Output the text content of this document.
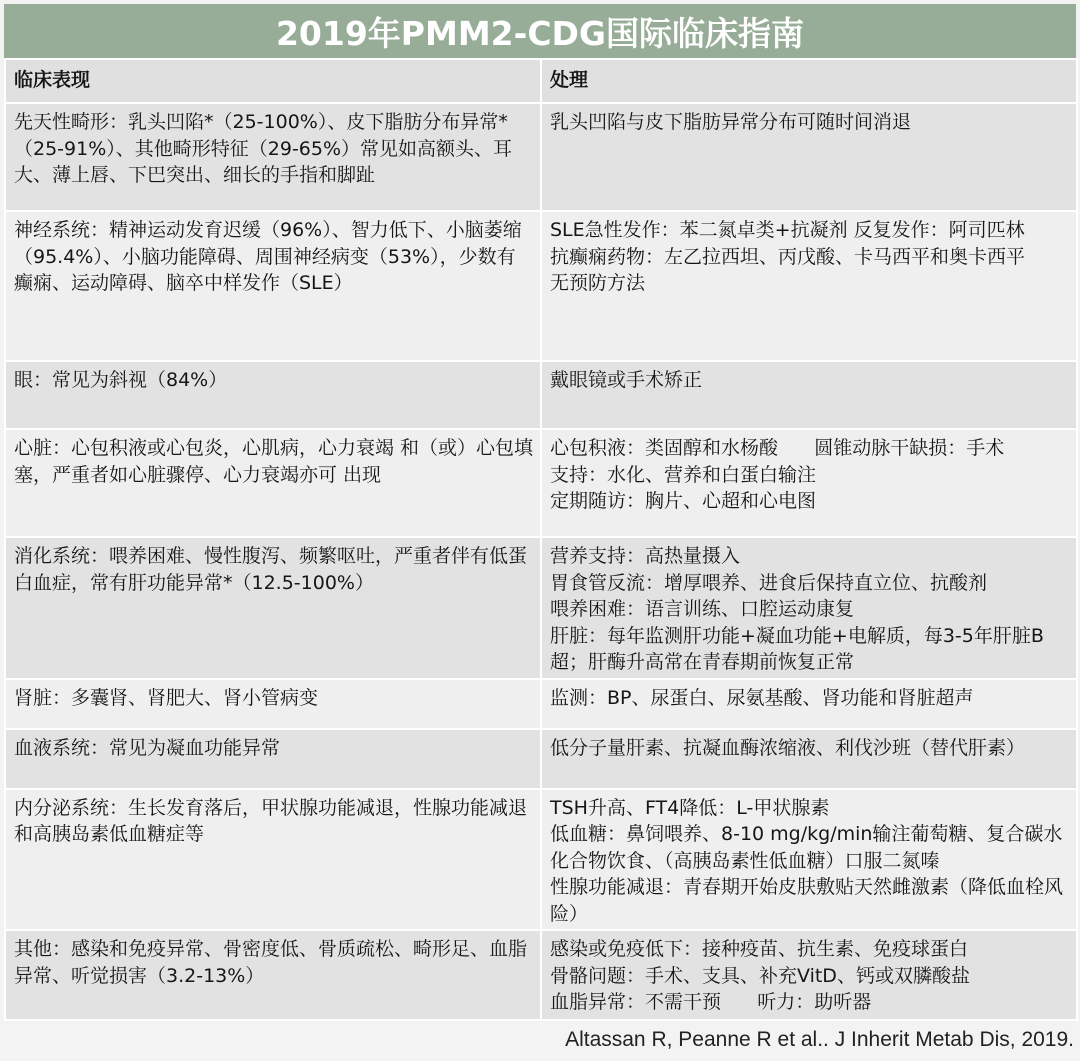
2019年PMM2-CDG国际临床指南
临床表现	处理

先天性畸形：乳头凹陷*（25-100%）、皮下脂肪分布异常*（25-91%）、其他畸形特征（29-65%）常见如高额头、耳大、薄上唇、下巴突出、细长的手指和脚趾	乳头凹陷与皮下脂肪异常分布可随时间消退

神经系统：精神运动发育迟缓（96%）、智力低下、小脑萎缩（95.4%）、小脑功能障碍、周围神经病变（53%），少数有癫痫、运动障碍、脑卒中样发作（SLE）	SLE急性发作：苯二氮卓类+抗凝剂 反复发作：阿司匹林
抗癫痫药物：左乙拉西坦、丙戊酸、卡马西平和奥卡西平
无预防方法

眼：常见为斜视（84%）	戴眼镜或手术矫正

心脏：心包积液或心包炎，心肌病，心力衰竭 和（或）心包填塞，严重者如心脏骤停、心力衰竭亦可 出现	心包积液：类固醇和水杨酸      圆锥动脉干缺损：手术
支持：水化、营养和白蛋白输注
定期随访：胸片、心超和心电图

消化系统：喂养困难、慢性腹泻、频繁呕吐，严重者伴有低蛋白血症，常有肝功能异常*（12.5-100%）	营养支持：高热量摄入
胃食管反流：增厚喂养、进食后保持直立位、抗酸剂
喂养困难：语言训练、口腔运动康复
肝脏：每年监测肝功能+凝血功能+电解质，每3-5年肝脏B超；肝酶升高常在青春期前恢复正常

肾脏：多囊肾、肾肥大、肾小管病变	监测：BP、尿蛋白、尿氨基酸、肾功能和肾脏超声

血液系统：常见为凝血功能异常	低分子量肝素、抗凝血酶浓缩液、利伐沙班（替代肝素）

内分泌系统：生长发育落后，甲状腺功能减退，性腺功能减退和高胰岛素低血糖症等	TSH升高、FT4降低：L-甲状腺素
低血糖：鼻饲喂养、8-10 mg/kg/min输注葡萄糖、复合碳水化合物饮食、（高胰岛素性低血糖）口服二氮嗪
性腺功能减退：青春期开始皮肤敷贴天然雌激素（降低血栓风险）

其他：感染和免疫异常、骨密度低、骨质疏松、畸形足、血脂异常、听觉损害（3.2-13%）	感染或免疫低下：接种疫苗、抗生素、免疫球蛋白
骨骼问题：手术、支具、补充VitD、钙或双膦酸盐
血脂异常：不需干预      听力：助听器
Altassan R, Peanne R et al.. J Inherit Metab Dis, 2019.
